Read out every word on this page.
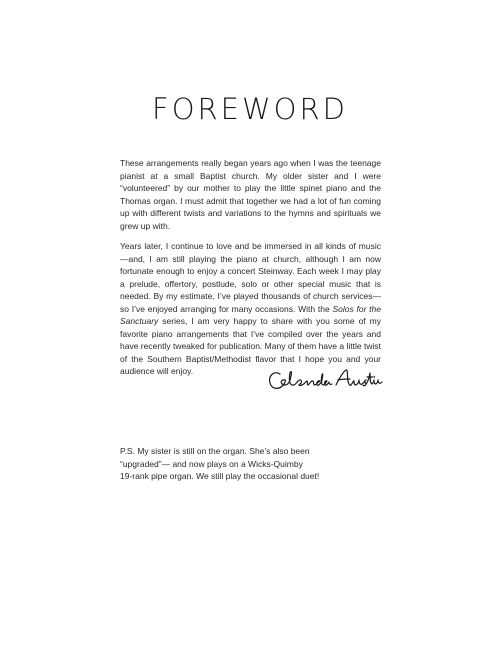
FOREWORD

These arrangements really began years ago when I was the teenage pianist at a small Baptist church. My older sister and I were “volunteered” by our mother to play the little spinet piano and the Thomas organ. I must admit that together we had a lot of fun coming up with different twists and variations to the hymns and spirituals we grew up with.

Years later, I continue to love and be immersed in all kinds of music—and, I am still playing the piano at church, although I am now fortunate enough to enjoy a concert Steinway. Each week I may play a prelude, offertory, postlude, solo or other special music that is needed. By my estimate, I’ve played thousands of church services—so I’ve enjoyed arranging for many occasions. With the Solos for the Sanctuary series, I am very happy to share with you some of my favorite piano arrangements that I’ve compiled over the years and have recently tweaked for publication. Many of them have a little twist of the Southern Baptist/Methodist flavor that I hope you and your audience will enjoy.

P.S. My sister is still on the organ. She’s also been
“upgraded”— and now plays on a Wicks-Quimby
19-rank pipe organ. We still play the occasional duet!
